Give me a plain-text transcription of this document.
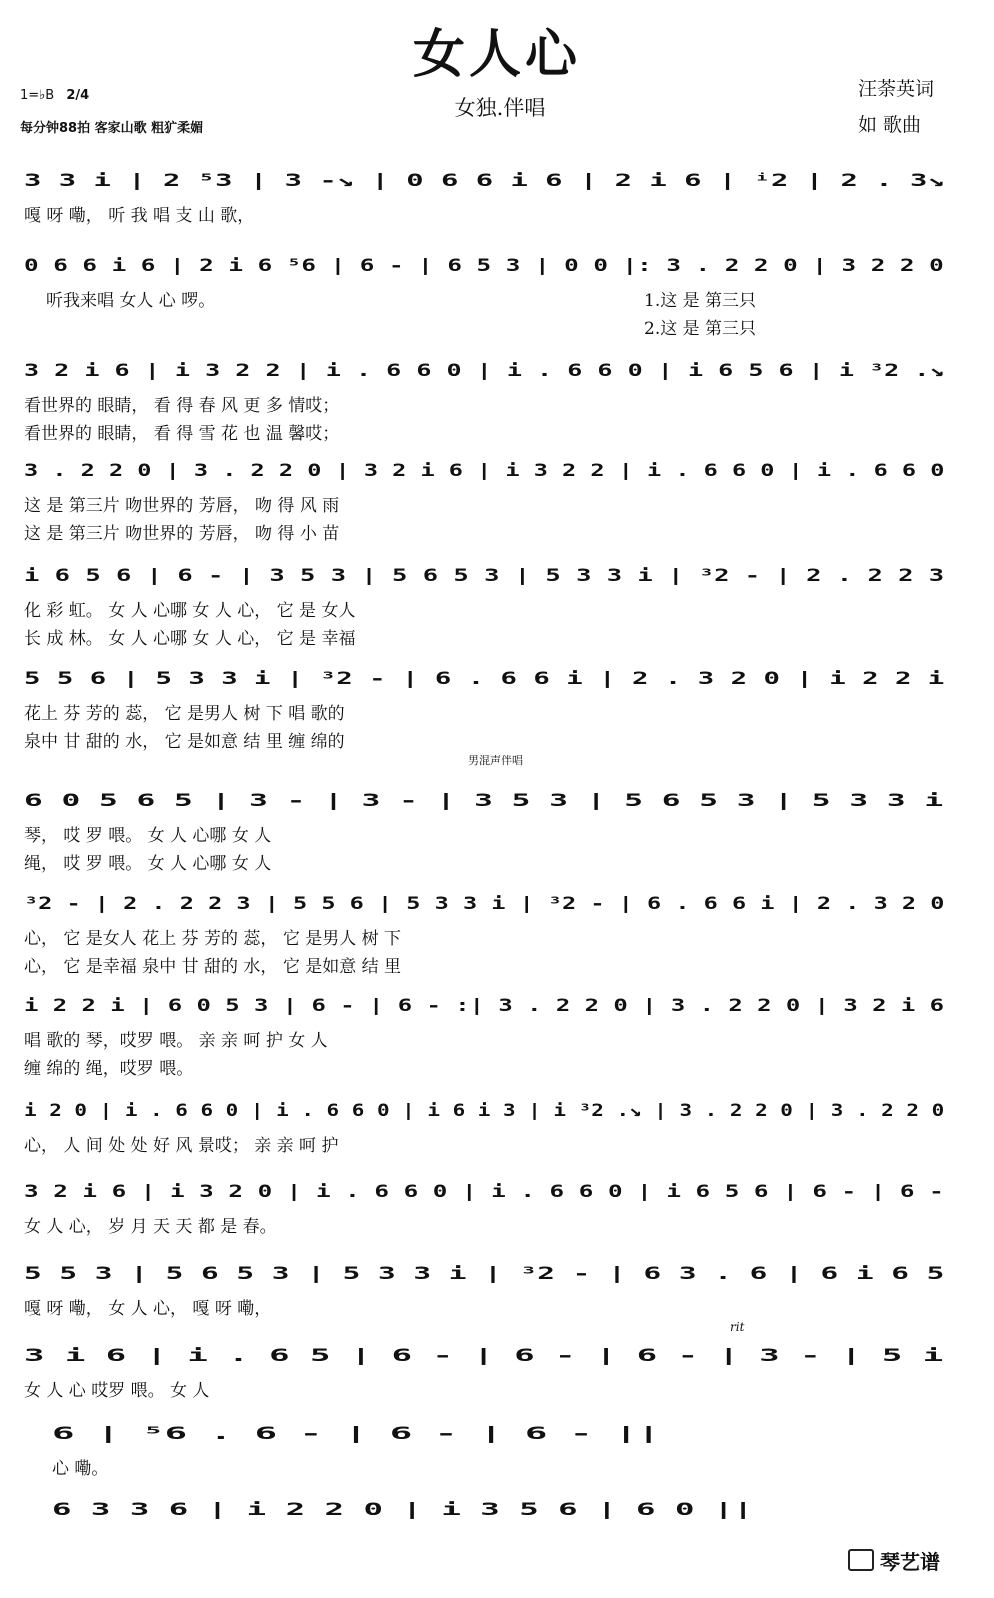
女人心
女独.伴唱
汪荼英词
如 歌曲
1=♭B 2/4
每分钟88拍 客家山歌 粗犷柔媚
男混声伴唱
rit
3 3 i | 2 ⁵3 | 3 -↘ | 0 6 6 i 6 | 2 i 6 | ⁱ2 | 2 . 3↘
嘎 呀 嘞， 听 我 唱 支 山 歌，
0 6 6 i 6 | 2 i 6 ⁵6 | 6 - | 6 5 3 | 0 0 |: 3 . 2 2 0 | 3 2 2 0
听我来唱 女人 心 啰。	1.这 是 第三只
2.这 是 第三只
3 2 i 6 | i 3 2 2 | i . 6 6 0 | i . 6 6 0 | i 6 5 6 | i ³2 .↘
看世界的 眼睛， 看 得 春 风 更 多 情哎；
看世界的 眼睛， 看 得 雪 花 也 温 馨哎；
3 . 2 2 0 | 3 . 2 2 0 | 3 2 i 6 | i 3 2 2 | i . 6 6 0 | i . 6 6 0
这 是 第三片 吻世界的 芳唇， 吻 得 风 雨
这 是 第三片 吻世界的 芳唇， 吻 得 小 苗
i 6 5 6 | 6 - | 3 5 3 | 5 6 5 3 | 5 3 3 i | ³2 - | 2 . 2 2 3
化 彩 虹。 女 人 心哪 女 人 心， 它 是 女人
长 成 林。 女 人 心哪 女 人 心， 它 是 幸福
5 5 6 | 5 3 3 i | ³2 - | 6 . 6 6 i | 2 . 3 2 0 | i 2 2 i
花上 芬 芳的 蕊， 它 是男人 树 下 唱 歌的
泉中 甘 甜的 水， 它 是如意 结 里 缠 绵的
6 0 5 6 5 | 3 - | 3 - | 3 5 3 | 5 6 5 3 | 5 3 3 i
琴， 哎 罗 喂。 女 人 心哪 女 人
绳， 哎 罗 喂。 女 人 心哪 女 人
³2 - | 2 . 2 2 3 | 5 5 6 | 5 3 3 i | ³2 - | 6 . 6 6 i | 2 . 3 2 0
心， 它 是女人 花上 芬 芳的 蕊， 它 是男人 树 下
心， 它 是幸福 泉中 甘 甜的 水， 它 是如意 结 里
i 2 2 i | 6 0 5 3 | 6 - | 6 - :| 3 . 2 2 0 | 3 . 2 2 0 | 3 2 i 6
唱 歌的 琴，哎罗 喂。 亲 亲 呵 护 女 人
缠 绵的 绳，哎罗 喂。
i 2 0 | i . 6 6 0 | i . 6 6 0 | i 6 i 3 | i ³2 .↘ | 3 . 2 2 0 | 3 . 2 2 0
心， 人 间 处 处 好 风 景哎； 亲 亲 呵 护
3 2 i 6 | i 3 2 0 | i . 6 6 0 | i . 6 6 0 | i 6 5 6 | 6 - | 6 -
女 人 心， 岁 月 天 天 都 是 春。
5 5 3 | 5 6 5 3 | 5 3 3 i | ³2 - | 6 3 . 6 | 6 i 6 5
嘎 呀 嘞， 女 人 心， 嘎 呀 嘞，
3 i 6 | i . 6 5 | 6 - | 6 - | 6 - | 3 - | 5 i
女 人 心 哎罗 喂。 女 人
6 | ⁵6 . 6 - | 6 - | 6 - ||
心 嘞。
6 3 3 6 | i 2 2 0 | i 3 5 6 | 6 0 ||
琴艺谱
